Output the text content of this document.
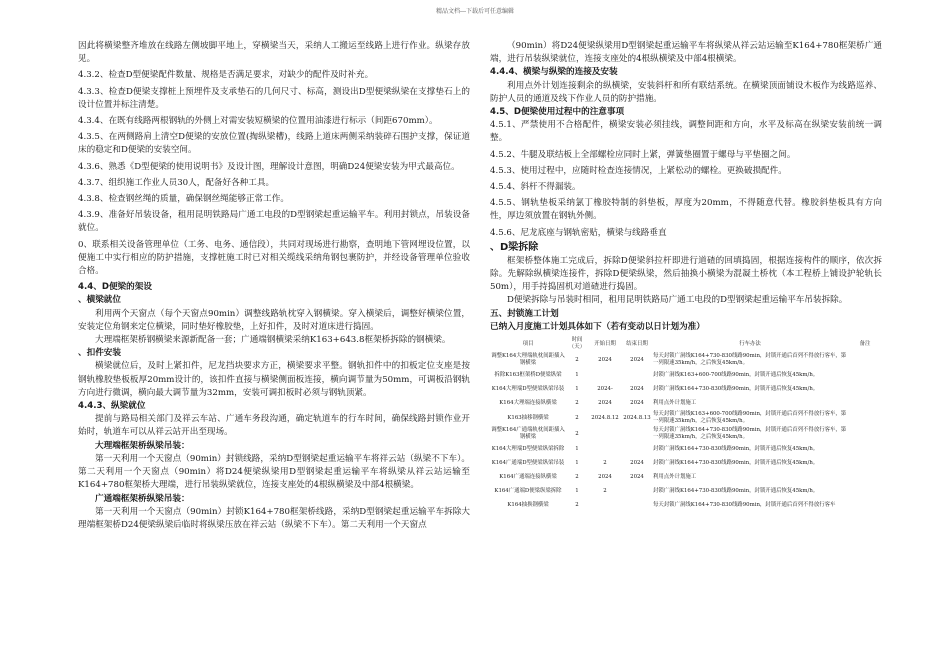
精品文档---下载后可任意编辑
因此将横梁整齐堆放在线路左侧坡脚平地上，穿横梁当天，采纳人工搬运至线路上进行作业。纵梁存放见。
4.3.2、检查D型便梁配件数量、规格是否满足要求，对缺少的配件及时补充。
4.3.3、检查D便梁支撑桩上预埋件及支承垫石的几何尺寸、标高，测设出D型便梁纵梁在支撑垫石上的设计位置并标注清楚。
4.3.4、在既有线路两根钢轨的外侧上对需安装短横梁的位置用油漆进行标示（间距670mm）。
4.3.5、在两侧路肩上清空D便梁的安放位置(掏纵梁槽)，线路上道床两侧采纳装碎石围护支撑，保证道床的稳定和D便梁的安装空间。
4.3.6、熟悉《D型便梁的使用说明书》及设计图，理解设计意图，明确D24便梁安装为甲式最高位。
4.3.7、组织施工作业人员30人，配备好各种工具。
4.3.8、检查钢丝绳的质量，确保钢丝绳能够正常工作。
4.3.9、准备好吊装设备，租用昆明铁路局广通工电段的D型钢梁起重运输平车。利用封锁点，吊装设备就位。
0、联系相关设备管理单位（工务、电务、通信段），共同对现场进行勘察，查明地下管网埋设位置，以便施工中实行相应的防护措施，支撑桩施工时已对相关缆线采纳角钢包裹防护，并经设备管理单位验收合格。
4.4、D便梁的架设
、横梁就位
利用两个天窗点（每个天窗点90min）调整线路轨枕穿入钢横梁。穿入横梁后，调整好横梁位置，安装定位角钢来定位横梁，同时垫好橡胶垫，上好扣件，及时对道床进行捣固。
大理端框架桥钢横梁来源新配备一套；广通端钢横梁采纳K163+643.8框架桥拆除的钢横梁。
、扣件安装
横梁就位后，及时上紧扣件，尼龙挡块要求方正，横梁要求平整。钢轨扣件中的扣板定位支座是按钢轨橡胶垫板板厚20mm设计的，该扣件直接与横梁侧面板连接，横向调节量为50mm，可调板沿钢轨方向进行微调，横向最大调节量为32mm，安装可调扣板时必须与钢轨顶紧。
4.4.3、纵梁就位
提前与路局相关部门及祥云车站、广通车务段沟通，确定轨道车的行车时间，确保线路封锁作业开始时，轨道车可以从祥云站开出至现场。
大理端框架桥纵梁吊装：
第一天利用一个天窗点（90min）封锁线路，采纳D型钢梁起重运输平车将祥云站（纵梁不下车）。第二天利用一个天窗点（90min）将D24便梁纵梁用D型钢梁起重运输平车将纵梁从祥云站运输至K164+780框架桥大理端，进行吊装纵梁就位，连接支座处的4根纵横梁及中部4根横梁。
广通端框架桥纵梁吊装：
第一天利用一个天窗点（90min）封锁K164+780框架桥线路，采纳D型钢梁起重运输平车拆除大理端框架桥D24便梁纵梁后临时将纵梁压放在祥云站（纵梁不下车）。第二天利用一个天窗点
（90min）将D24便梁纵梁用D型钢梁起重运输平车将纵梁从祥云站运输至K164+780框架桥广通端，进行吊装纵梁就位，连接支座处的4根纵横梁及中部4根横梁。
4.4.4、横梁与纵梁的连接及安装
利用点外计划连接剩余的纵横梁，安装斜杆和所有联结系统。在横梁顶面铺设木板作为线路巡养、防护人员的通道及线下作业人员的防护措施。
4.5、D便梁使用过程中的注意事项
4.5.1、严禁使用不合格配件，横梁安装必须挂线，调整间距和方向，水平及标高在纵梁安装前统一调整。
4.5.2、牛腿及联结板上全部螺栓应同时上紧，弹簧垫圈置于螺母与平垫圈之间。
4.5.3、使用过程中，应随时检查连接情况，上紧松动的螺栓。更换破损配件。
4.5.4、斜杆不得漏装。
4.5.5、钢轨垫板采纳氯丁橡胶特制的斜垫板，厚度为20mm，不得随意代替。橡胶斜垫板具有方向性，厚边须放置在钢轨外侧。
4.5.6、尼龙底座与钢轨密贴，横梁与线路垂直
、D梁拆除
框架桥整体施工完成后，拆除D便梁斜拉杆即进行道碴的回填捣固，根据连接构件的顺序，依次拆除。先解除纵横梁连接件，拆除D便梁纵梁，然后抽换小横梁为混凝土桥枕（本工程桥上铺设护轮轨长50m），用手持捣固机对道碴进行捣固。
D便梁拆除与吊装时相同，租用昆明铁路局广通工电段的D型钢梁起重运输平车吊装拆除。
五、封锁施工计划
已纳入月度施工计划具体如下（若有变动以日计划为准）
项目	时间（天）	开始日期	结束日期	行车办法	备注
调整K164大理端轨枕间距插入钢横梁	2	2024	2024	每天封锁广洞线K164+730-830线路90min，封锁开通后首列不得放行客车，第一列限速35km/h，之后恢复45km/h。	
拆除K163框架桥D便梁纵梁	1			封锁广洞线K163+600-700线路90min，封锁开通后恢复45km/h。	
K164大理端D型便梁纵梁吊装	1	2024-	2024	封锁广洞线K164+730-830线路90min，封锁开通后恢复45km/h。	
K164大理端连接纵横梁	2	2024	2024	利用点外计划施工	
K163抽移钢横梁	2	2024.8.12	2024.8.13	每天封锁广洞线K163+600-700线路90min，封锁开通后首列不得放行客车，第一列限速35km/h，之后恢复45km/h。	
调整K164广通端轨枕间距插入钢横梁	2			每天封锁广洞线K164+730-830线路90min，封锁开通后首列不得放行客车，第一列限速35km/h，之后恢复45km/h。	
K164大理端D型便梁纵梁拆除	1			封锁广洞线K164+730-830线路90min，封锁开通后恢复45km/h。	
K164广通端D型便梁纵梁吊装	1	2	2024	封锁广洞线K164+730-830线路90min，封锁开通后恢复45km/h。	
K164广通端连接纵横梁	2	2024	2024	利用点外计划施工	
K164广通端D便梁纵梁拆除	1	2		封锁广洞线K164+730-830线路90min，封锁开通后恢复45km/h。	
K164抽换钢横梁	2			每天封锁广洞线K164+730-830线路90min，封锁开通后首列不得放行客车	
